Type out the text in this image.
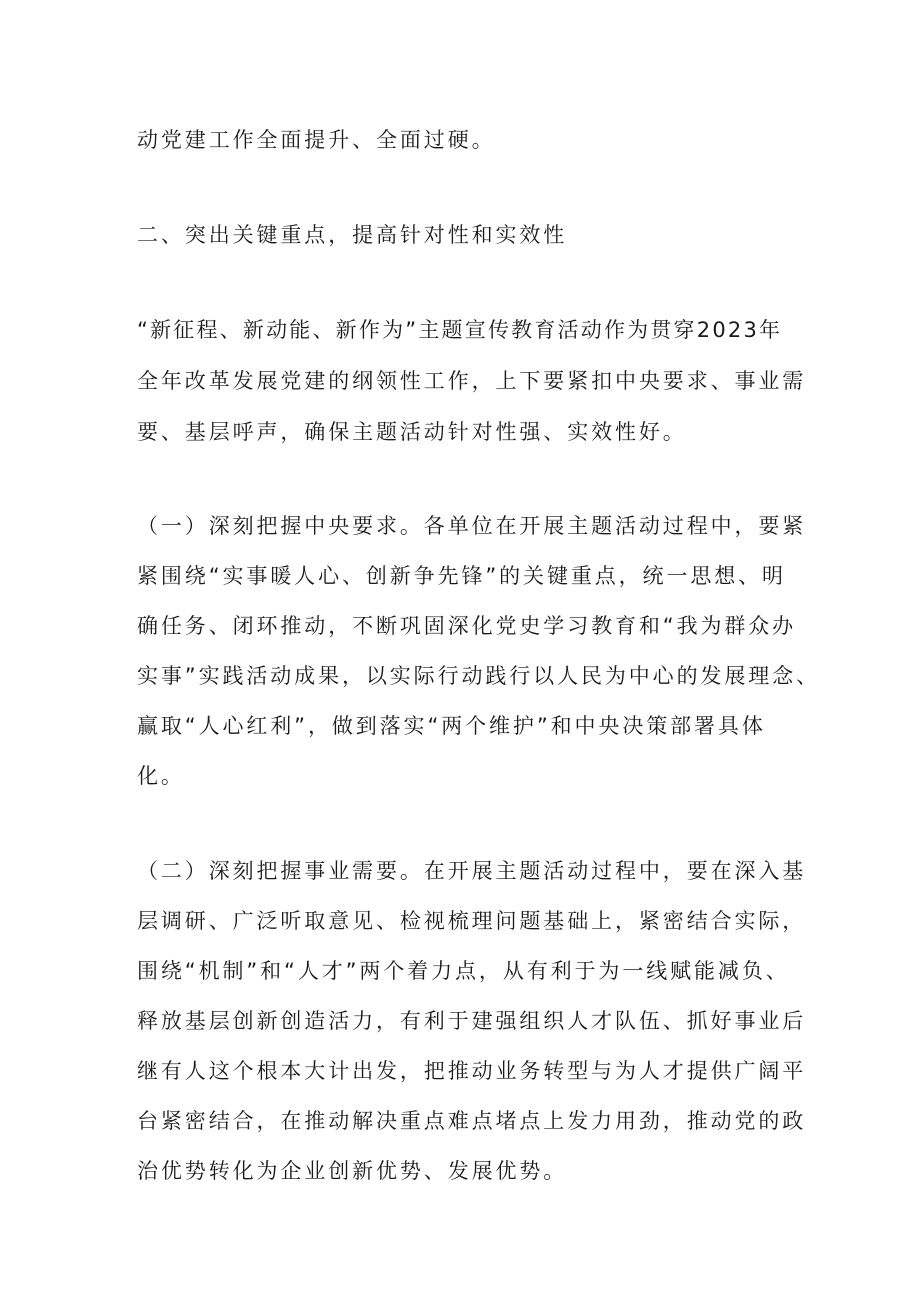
动党建工作全面提升、全面过硬。

二、突出关键重点，提高针对性和实效性

“新征程、新动能、新作为”主题宣传教育活动作为贯穿2023年

全年改革发展党建的纲领性工作，上下要紧扣中央要求、事业需

要、基层呼声，确保主题活动针对性强、实效性好。

（一）深刻把握中央要求。各单位在开展主题活动过程中，要紧

紧围绕“实事暖人心、创新争先锋”的关键重点，统一思想、明

确任务、闭环推动，不断巩固深化党史学习教育和“我为群众办

实事”实践活动成果，以实际行动践行以人民为中心的发展理念、

赢取“人心红利”，做到落实“两个维护”和中央决策部署具体

化。

（二）深刻把握事业需要。在开展主题活动过程中，要在深入基

层调研、广泛听取意见、检视梳理问题基础上，紧密结合实际，

围绕“机制”和“人才”两个着力点，从有利于为一线赋能减负、

释放基层创新创造活力，有利于建强组织人才队伍、抓好事业后

继有人这个根本大计出发，把推动业务转型与为人才提供广阔平

台紧密结合，在推动解决重点难点堵点上发力用劲，推动党的政

治优势转化为企业创新优势、发展优势。
